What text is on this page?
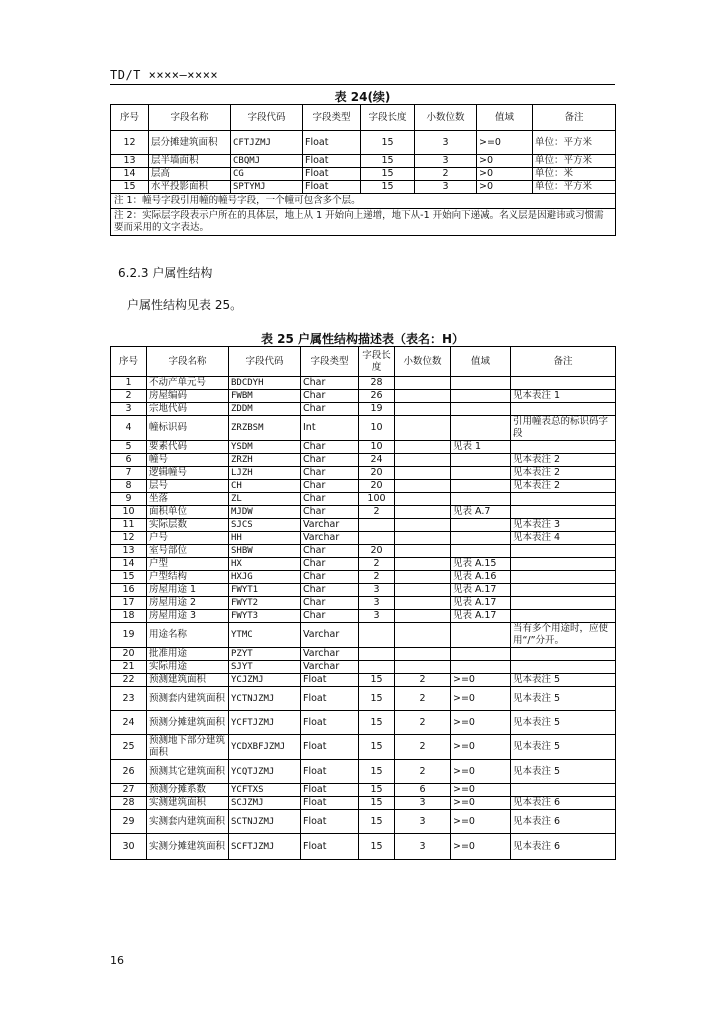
TD/T ××××—××××
表 24(续)
序号	字段名称	字段代码	字段类型	字段长度	小数位数	值域	备注
12	层分摊建筑面积	CFTJZMJ	Float	15	3	>=0	单位：平方米
13	层半墙面积	CBQMJ	Float	15	3	>0	单位：平方米
14	层高	CG	Float	15	2	>0	单位：米
15	水平投影面积	SPTYMJ	Float	15	3	>0	单位：平方米
注 1：幢号字段引用幢的幢号字段，一个幢可包含多个层。							
注 2：实际层字段表示户所在的具体层，地上从 1 开始向上递增，地下从-1 开始向下递减。名义层是因避讳或习惯需要而采用的文字表达。							
6.2.3 户属性结构
户属性结构见表 25。
表 25 户属性结构描述表（表名：H）
序号	字段名称	字段代码	字段类型	字段长度	小数位数	值域	备注
1	不动产单元号	BDCDYH	Char	28			
2	房屋编码	FWBM	Char	26			见本表注 1
3	宗地代码	ZDDM	Char	19			
4	幢标识码	ZRZBSM	Int	10			引用幢表总的标识码字段
5	要素代码	YSDM	Char	10		见表 1	
6	幢号	ZRZH	Char	24			见本表注 2
7	逻辑幢号	LJZH	Char	20			见本表注 2
8	层号	CH	Char	20			见本表注 2
9	坐落	ZL	Char	100			
10	面积单位	MJDW	Char	2		见表 A.7	
11	实际层数	SJCS	Varchar				见本表注 3
12	户号	HH	Varchar				见本表注 4
13	室号部位	SHBW	Char	20			
14	户型	HX	Char	2		见表 A.15	
15	户型结构	HXJG	Char	2		见表 A.16	
16	房屋用途 1	FWYT1	Char	3		见表 A.17	
17	房屋用途 2	FWYT2	Char	3		见表 A.17	
18	房屋用途 3	FWYT3	Char	3		见表 A.17	
19	用途名称	YTMC	Varchar				当有多个用途时，应使用“/”分开。
20	批准用途	PZYT	Varchar				
21	实际用途	SJYT	Varchar				
22	预测建筑面积	YCJZMJ	Float	15	2	>=0	见本表注 5
23	预测套内建筑面积	YCTNJZMJ	Float	15	2	>=0	见本表注 5
24	预测分摊建筑面积	YCFTJZMJ	Float	15	2	>=0	见本表注 5
25	预测地下部分建筑面积	YCDXBFJZMJ	Float	15	2	>=0	见本表注 5
26	预测其它建筑面积	YCQTJZMJ	Float	15	2	>=0	见本表注 5
27	预测分摊系数	YCFTXS	Float	15	6	>=0	
28	实测建筑面积	SCJZMJ	Float	15	3	>=0	见本表注 6
29	实测套内建筑面积	SCTNJZMJ	Float	15	3	>=0	见本表注 6
30	实测分摊建筑面积	SCFTJZMJ	Float	15	3	>=0	见本表注 6
16
